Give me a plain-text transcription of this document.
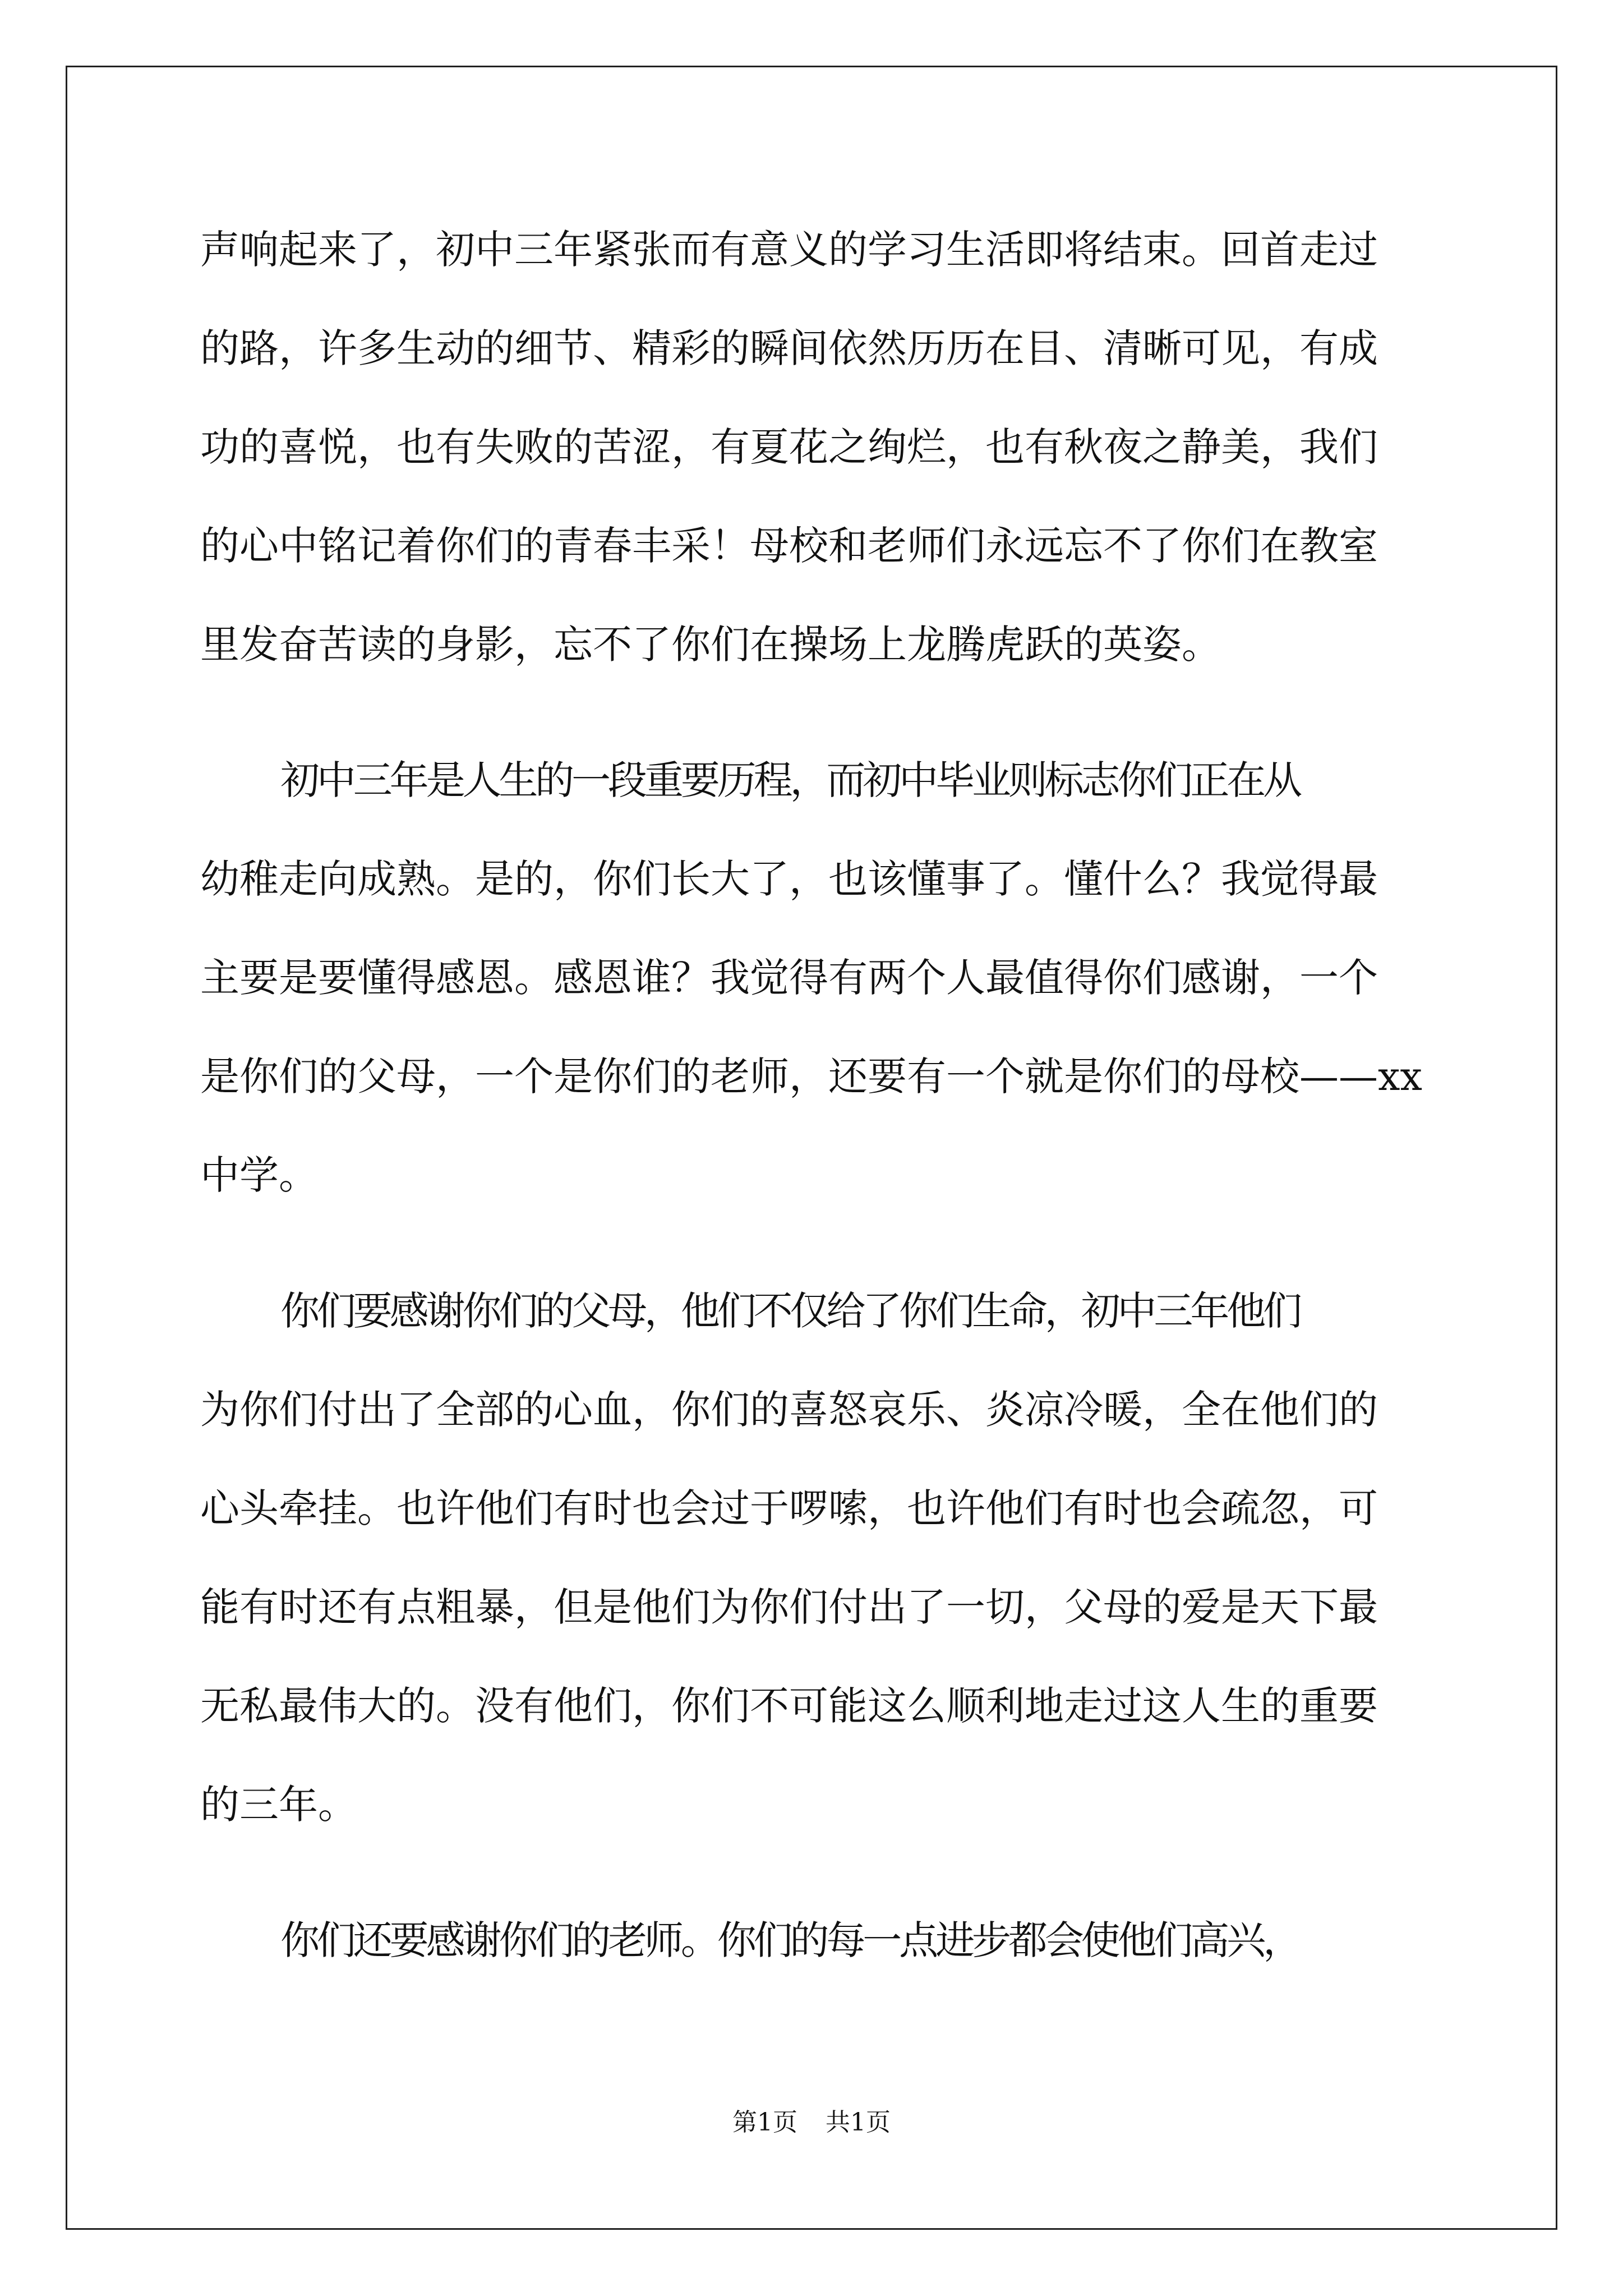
声响起来了，初中三年紧张而有意义的学习生活即将结束。回首走过
的路，许多生动的细节、精彩的瞬间依然历历在目、清晰可见，有成
功的喜悦，也有失败的苦涩，有夏花之绚烂，也有秋夜之静美，我们
的心中铭记着你们的青春丰采！母校和老师们永远忘不了你们在教室
里发奋苦读的身影，忘不了你们在操场上龙腾虎跃的英姿。
初中三年是人生的一段重要历程，而初中毕业则标志你们正在从
幼稚走向成熟。是的，你们长大了，也该懂事了。懂什么？我觉得最
主要是要懂得感恩。感恩谁？我觉得有两个人最值得你们感谢，一个
是你们的父母，一个是你们的老师，还要有一个就是你们的母校——xx
中学。
你们要感谢你们的父母，他们不仅给了你们生命，初中三年他们
为你们付出了全部的心血，你们的喜怒哀乐、炎凉冷暖，全在他们的
心头牵挂。也许他们有时也会过于啰嗦，也许他们有时也会疏忽，可
能有时还有点粗暴，但是他们为你们付出了一切，父母的爱是天下最
无私最伟大的。没有他们，你们不可能这么顺利地走过这人生的重要
的三年。
你们还要感谢你们的老师。你们的每一点进步都会使他们高兴，
第1页 共1页
